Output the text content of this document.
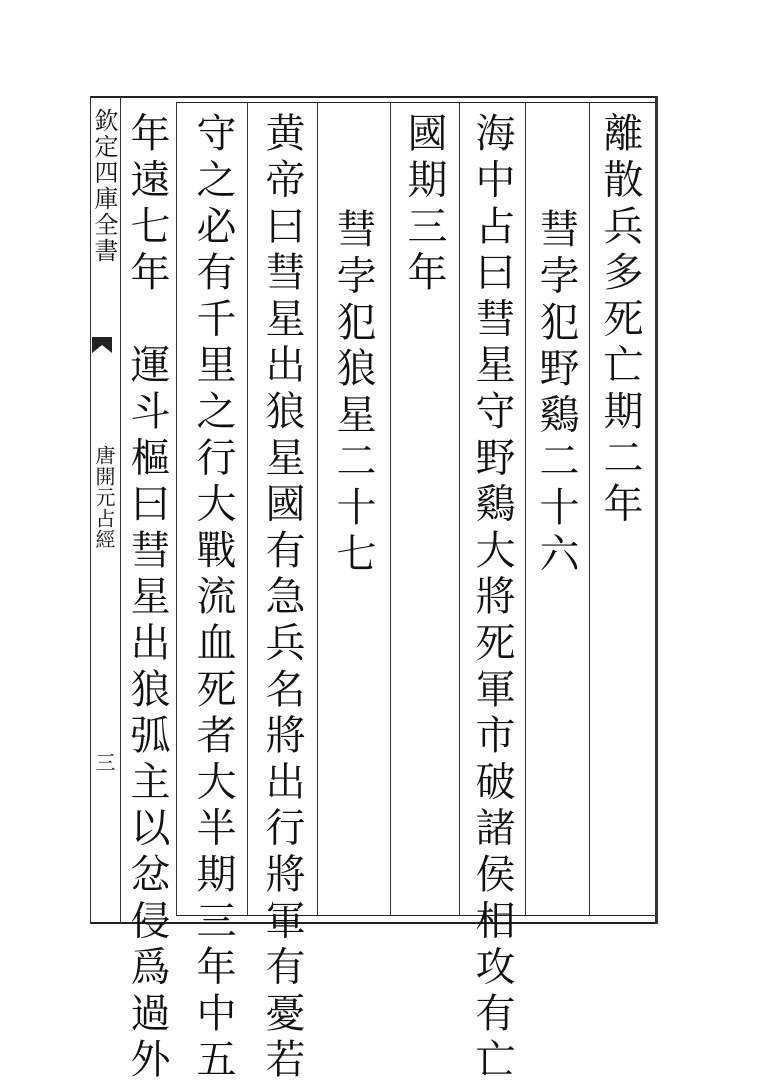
欽定四庫全書
唐開元占經
三
離散兵多死亡期二年
彗孛犯野鷄二十六
海中占曰彗星守野鷄大將死軍市破諸侯相攻有亡
國期三年
彗孛犯狼星二十七
黄帝曰彗星出狼星國有急兵名將出行將軍有憂若
守之必有千里之行大戰流血死者大半期三年中五
年遠七年　運斗樞曰彗星出狼弧主以忿侵爲過外
